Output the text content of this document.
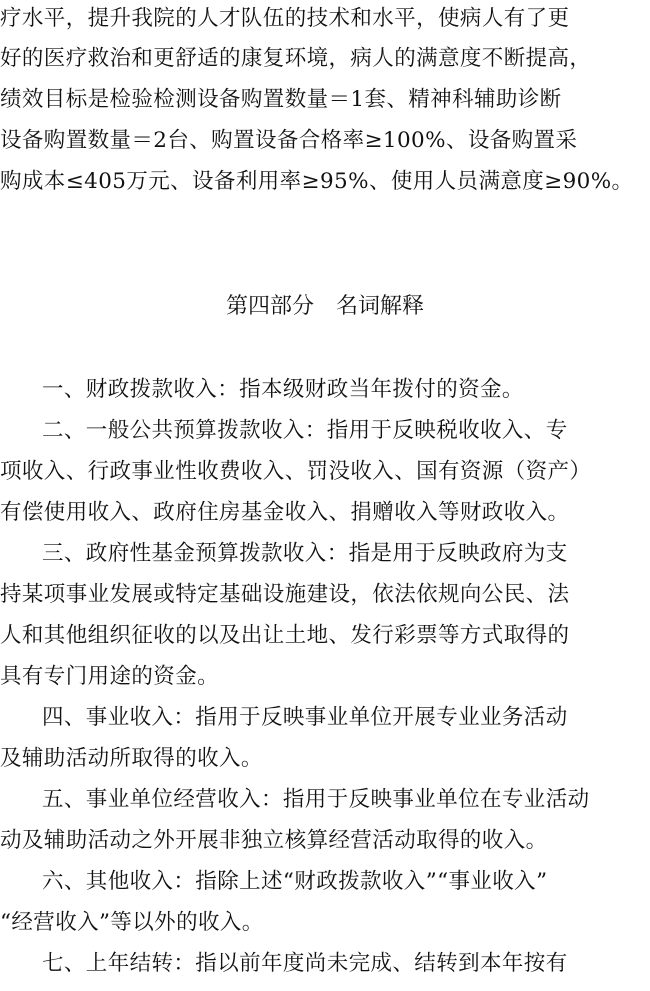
疗水平，提升我院的人才队伍的技术和水平，使病人有了更
好的医疗救治和更舒适的康复环境，病人的满意度不断提高，
绩效目标是检验检测设备购置数量＝1套、精神科辅助诊断
设备购置数量＝2台、购置设备合格率≥100%、设备购置采
购成本≤405万元、设备利用率≥95%、使用人员满意度≥90%。
第四部分　名词解释
一、财政拨款收入：指本级财政当年拨付的资金。
二、一般公共预算拨款收入：指用于反映税收收入、专
项收入、行政事业性收费收入、罚没收入、国有资源（资产）
有偿使用收入、政府住房基金收入、捐赠收入等财政收入。
三、政府性基金预算拨款收入：指是用于反映政府为支
持某项事业发展或特定基础设施建设，依法依规向公民、法
人和其他组织征收的以及出让土地、发行彩票等方式取得的
具有专门用途的资金。
四、事业收入：指用于反映事业单位开展专业业务活动
及辅助活动所取得的收入。
五、事业单位经营收入：指用于反映事业单位在专业活动
动及辅助活动之外开展非独立核算经营活动取得的收入。
六、其他收入：指除上述“财政拨款收入”“事业收入”
“经营收入”等以外的收入。
七、上年结转：指以前年度尚未完成、结转到本年按有
